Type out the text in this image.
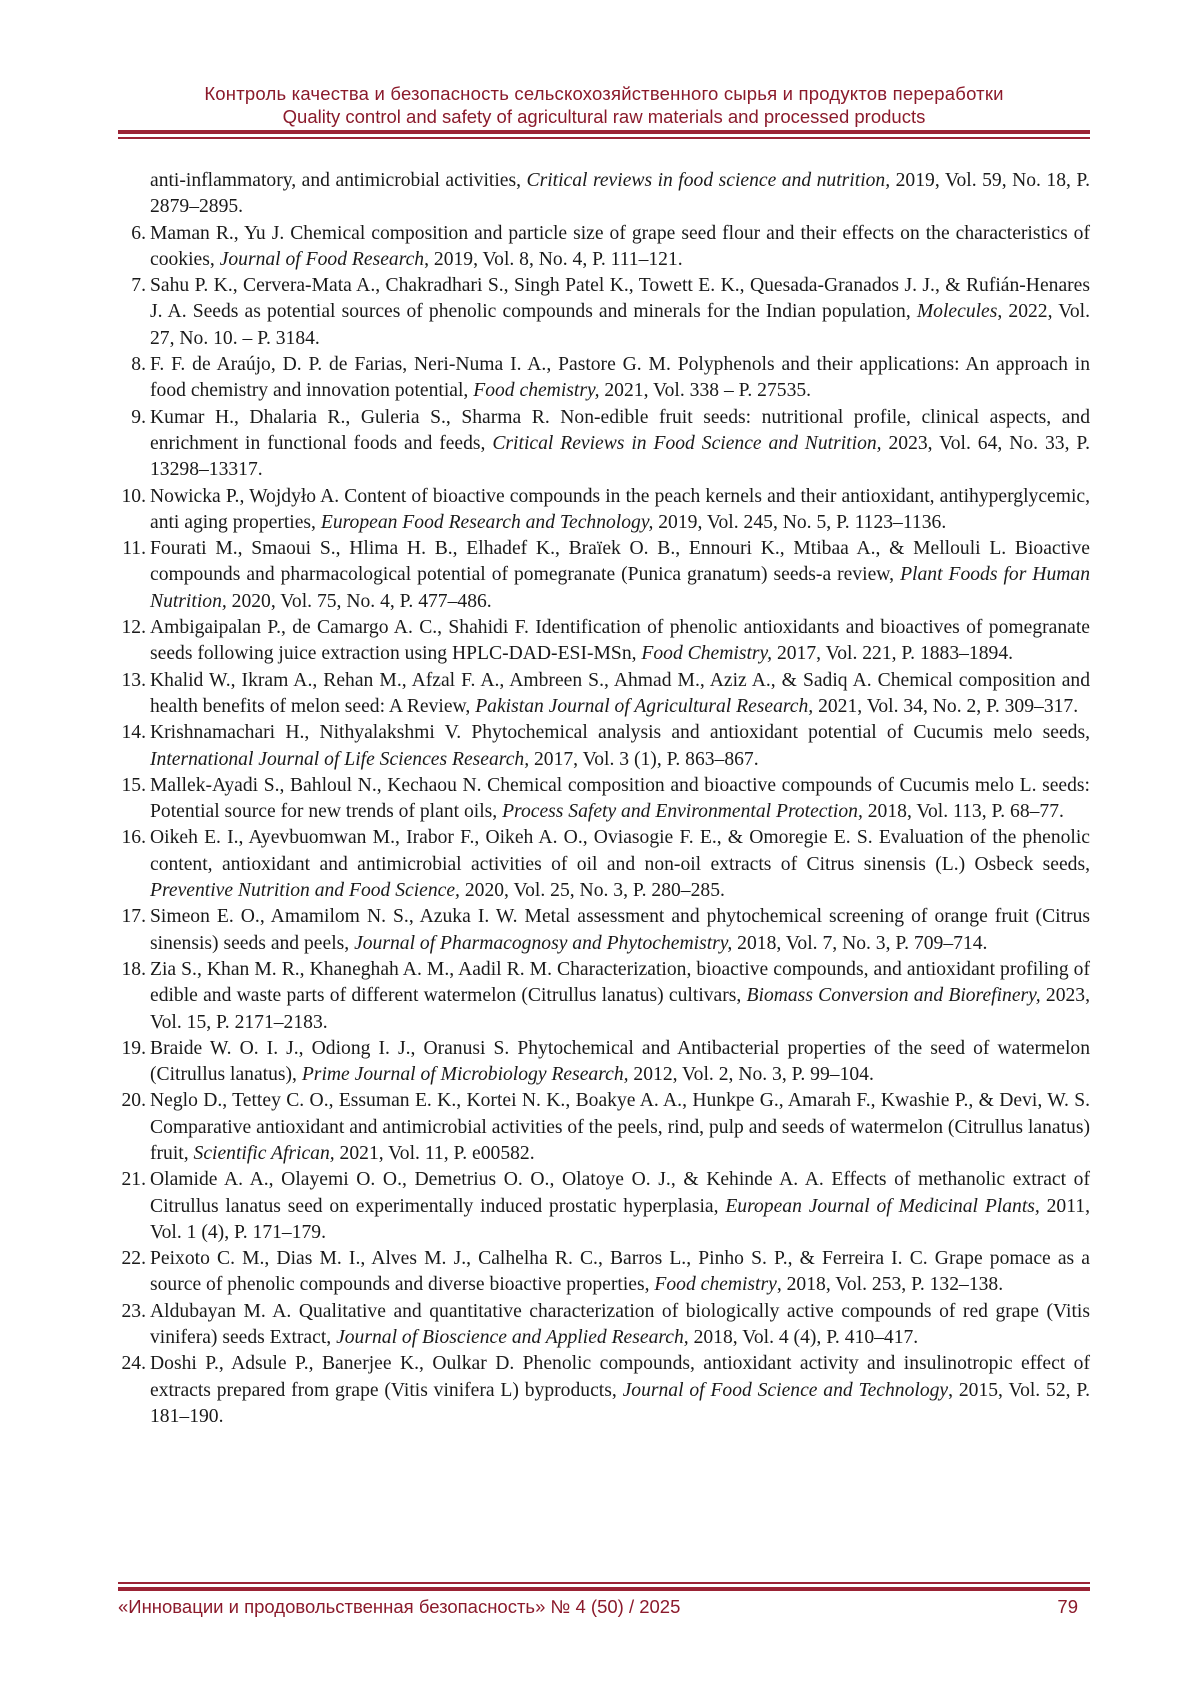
Контроль качества и безопасность сельскохозяйственного сырья и продуктов переработки
Quality control and safety of agricultural raw materials and processed products
anti-inflammatory, and antimicrobial activities, Critical reviews in food science and nutrition, 2019, Vol. 59, No. 18, P. 2879–2895.
6. Maman R., Yu J. Chemical composition and particle size of grape seed flour and their effects on the characteristics of cookies, Journal of Food Research, 2019, Vol. 8, No. 4, P. 111–121.
7. Sahu P. K., Cervera-Mata A., Chakradhari S., Singh Patel K., Towett E. K., Quesada-Granados J. J., & Rufián-Henares J. A. Seeds as potential sources of phenolic compounds and minerals for the Indian population, Molecules, 2022, Vol. 27, No. 10. – P. 3184.
8. F. F. de Araújo, D. P. de Farias, Neri-Numa I. A., Pastore G. M. Polyphenols and their applications: An approach in food chemistry and innovation potential, Food chemistry, 2021, Vol. 338 – P. 27535.
9. Kumar H., Dhalaria R., Guleria S., Sharma R. Non-edible fruit seeds: nutritional profile, clinical aspects, and enrichment in functional foods and feeds, Critical Reviews in Food Science and Nutrition, 2023, Vol. 64, No. 33, P. 13298–13317.
10. Nowicka P., Wojdyło A. Content of bioactive compounds in the peach kernels and their antioxidant, antihyperglycemic, anti aging properties, European Food Research and Technology, 2019, Vol. 245, No. 5, P. 1123–1136.
11. Fourati M., Smaoui S., Hlima H. B., Elhadef K., Braïek O. B., Ennouri K., Mtibaa A., & Mellouli L. Bioactive compounds and pharmacological potential of pomegranate (Punica granatum) seeds-a review, Plant Foods for Human Nutrition, 2020, Vol. 75, No. 4, P. 477–486.
12. Ambigaipalan P., de Camargo A. C., Shahidi F. Identification of phenolic antioxidants and bioactives of pomegranate seeds following juice extraction using HPLC-DAD-ESI-MSn, Food Chemistry, 2017, Vol. 221, P. 1883–1894.
13. Khalid W., Ikram A., Rehan M., Afzal F. A., Ambreen S., Ahmad M., Aziz A., & Sadiq A. Chemical composition and health benefits of melon seed: A Review, Pakistan Journal of Agricultural Research, 2021, Vol. 34, No. 2, P. 309–317.
14. Krishnamachari H., Nithyalakshmi V. Phytochemical analysis and antioxidant potential of Cucumis melo seeds, International Journal of Life Sciences Research, 2017, Vol. 3 (1), P. 863–867.
15. Mallek-Ayadi S., Bahloul N., Kechaou N. Chemical composition and bioactive compounds of Cucumis melo L. seeds: Potential source for new trends of plant oils, Process Safety and Environmental Protection, 2018, Vol. 113, P. 68–77.
16. Oikeh E. I., Ayevbuomwan M., Irabor F., Oikeh A. O., Oviasogie F. E., & Omoregie E. S. Evaluation of the phenolic content, antioxidant and antimicrobial activities of oil and non-oil extracts of Citrus sinensis (L.) Osbeck seeds, Preventive Nutrition and Food Science, 2020, Vol. 25, No. 3, P. 280–285.
17. Simeon E. O., Amamilom N. S., Azuka I. W. Metal assessment and phytochemical screening of orange fruit (Citrus sinensis) seeds and peels, Journal of Pharmacognosy and Phytochemistry, 2018, Vol. 7, No. 3, P. 709–714.
18. Zia S., Khan M. R., Khaneghah A. M., Aadil R. M. Characterization, bioactive compounds, and antioxidant profiling of edible and waste parts of different watermelon (Citrullus lanatus) cultivars, Biomass Conversion and Biorefinery, 2023, Vol. 15, P. 2171–2183.
19. Braide W. O. I. J., Odiong I. J., Oranusi S. Phytochemical and Antibacterial properties of the seed of watermelon (Citrullus lanatus), Prime Journal of Microbiology Research, 2012, Vol. 2, No. 3, P. 99–104.
20. Neglo D., Tettey C. O., Essuman E. K., Kortei N. K., Boakye A. A., Hunkpe G., Amarah F., Kwashie P., & Devi, W. S. Comparative antioxidant and antimicrobial activities of the peels, rind, pulp and seeds of watermelon (Citrullus lanatus) fruit, Scientific African, 2021, Vol. 11, P. e00582.
21. Olamide A. A., Olayemi O. O., Demetrius O. O., Olatoye O. J., & Kehinde A. A. Effects of methanolic extract of Citrullus lanatus seed on experimentally induced prostatic hyperplasia, European Journal of Medicinal Plants, 2011, Vol. 1 (4), P. 171–179.
22. Peixoto C. M., Dias M. I., Alves M. J., Calhelha R. C., Barros L., Pinho S. P., & Ferreira I. C. Grape pomace as a source of phenolic compounds and diverse bioactive properties, Food chemistry, 2018, Vol. 253, P. 132–138.
23. Aldubayan M. A. Qualitative and quantitative characterization of biologically active compounds of red grape (Vitis vinifera) seeds Extract, Journal of Bioscience and Applied Research, 2018, Vol. 4 (4), P. 410–417.
24. Doshi P., Adsule P., Banerjee K., Oulkar D. Phenolic compounds, antioxidant activity and insulinotropic effect of extracts prepared from grape (Vitis vinifera L) byproducts, Journal of Food Science and Technology, 2015, Vol. 52, P. 181–190.
«Инновации и продовольственная безопасность» № 4 (50) / 2025	79
